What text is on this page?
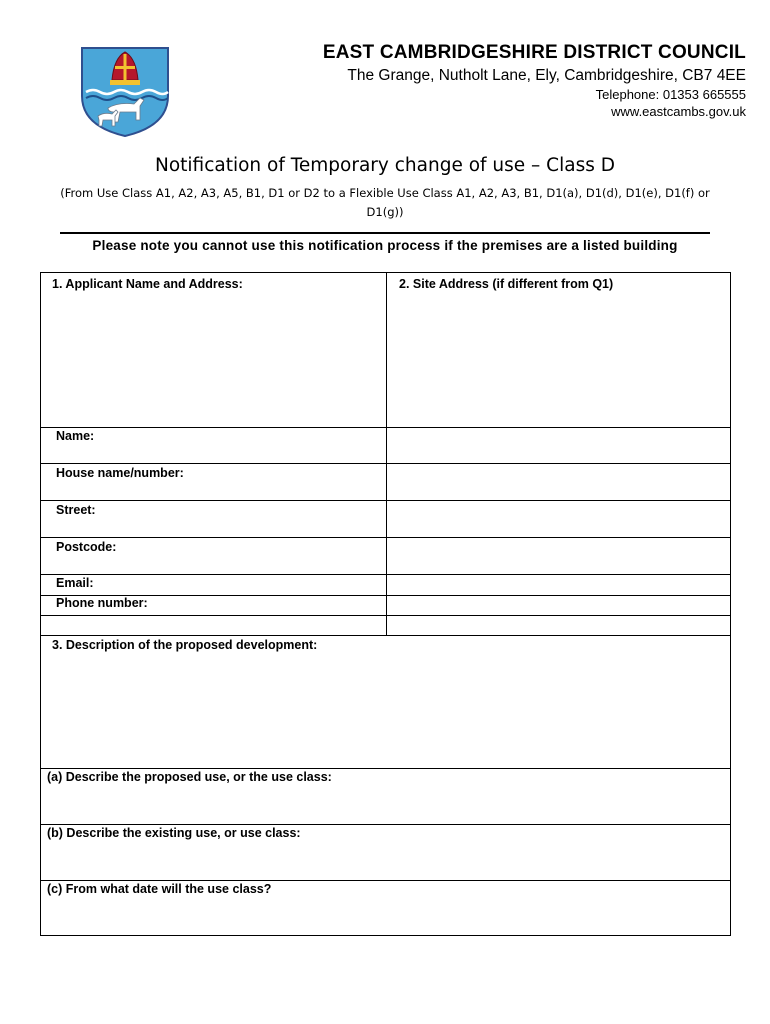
EAST CAMBRIDGESHIRE DISTRICT COUNCIL
The Grange, Nutholt Lane, Ely, Cambridgeshire, CB7 4EE
Telephone: 01353 665555
www.eastcambs.gov.uk
Notification of Temporary change of use – Class D
(From Use Class A1, A2, A3, A5, B1, D1 or D2 to a Flexible Use Class A1, A2, A3, B1, D1(a), D1(d), D1(e), D1(f) or D1(g))
Please note you cannot use this notification process if the premises are a listed building
1. Applicant Name and Address:	2. Site Address (if different from Q1)
Name:
House name/number:
Street:
Postcode:
Email:
Phone number:
3. Description of the proposed development:
(a) Describe the proposed use, or the use class:
(b) Describe the existing use, or use class:
(c) From what date will the use class?
